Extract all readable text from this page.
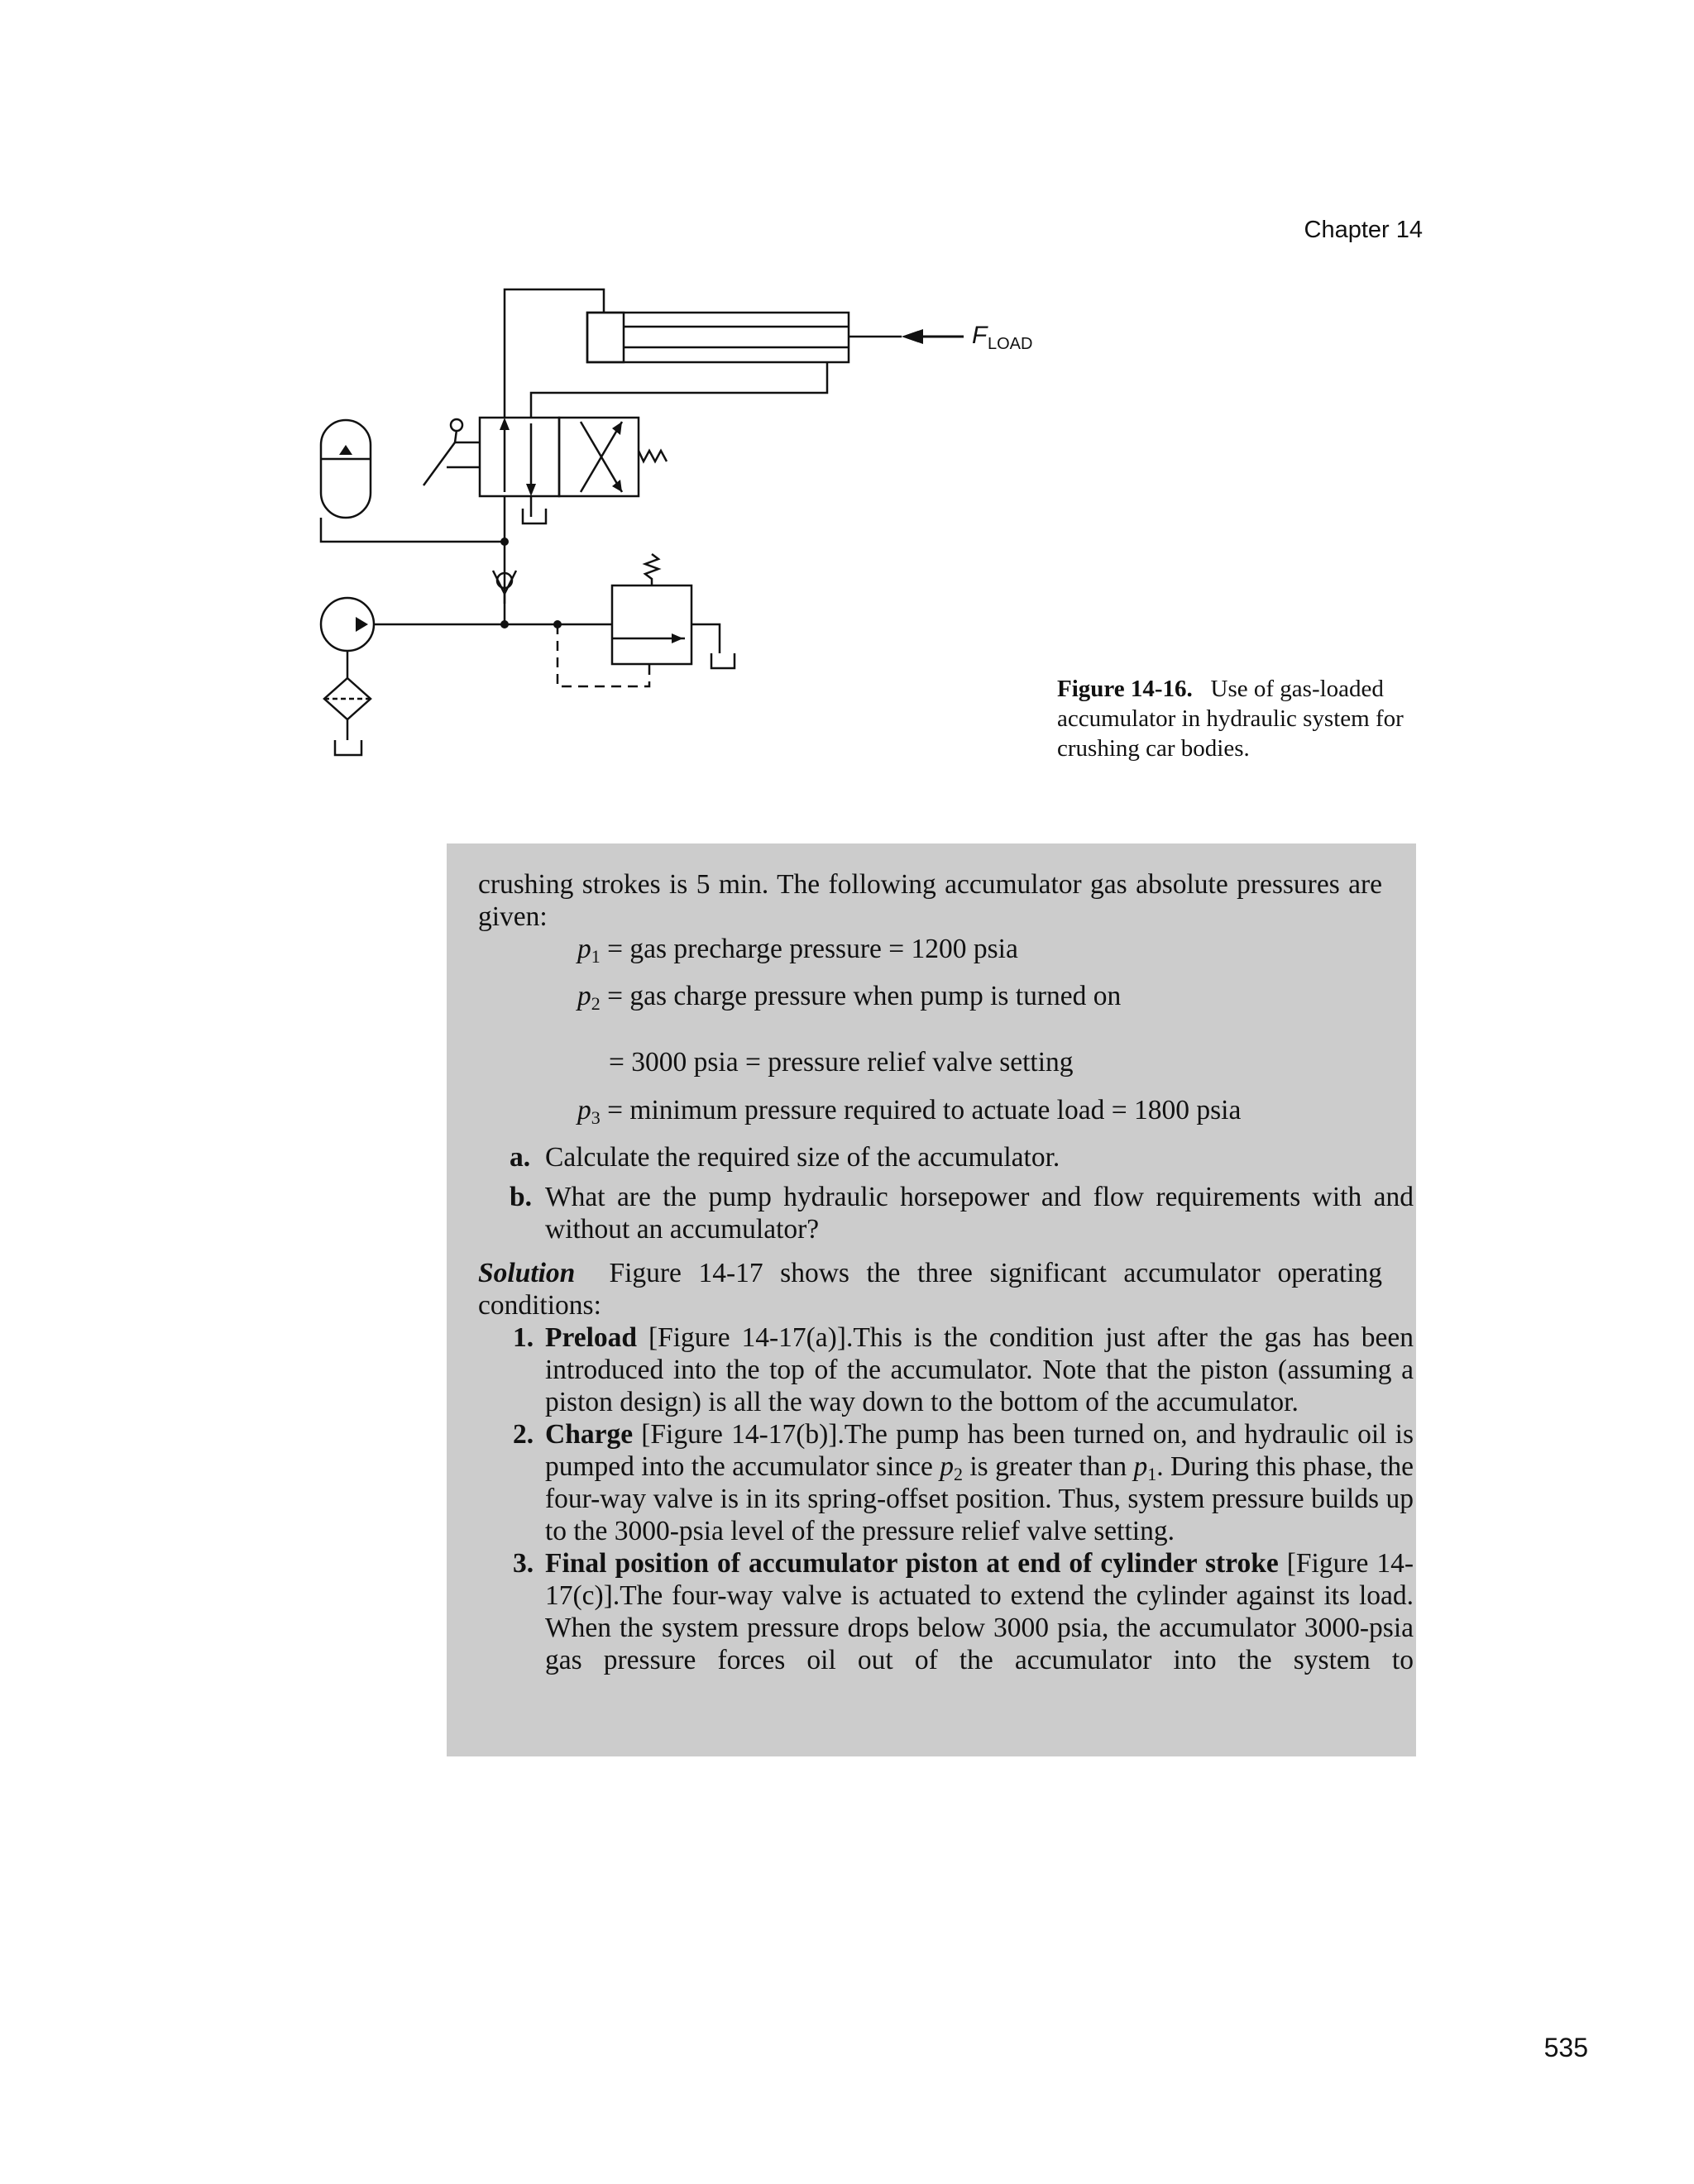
Chapter 14
F LOAD
Figure 14-16. Use of gas-loaded accumulator in hydraulic system for crushing car bodies.
crushing strokes is 5 min. The following accumulator gas absolute pressures are given:
$p_1$ = gas precharge pressure = 1200 psia
$p_2$ = gas charge pressure when pump is turned on
= 3000 psia = pressure relief valve setting
$p_3$ = minimum pressure required to actuate load = 1800 psia
a. Calculate the required size of the accumulator.
b. What are the pump hydraulic horsepower and flow requirements with and without an accumulator?
Solution Figure 14-17 shows the three significant accumulator operating conditions:
1. Preload [Figure 14-17(a)].This is the condition just after the gas has been introduced into the top of the accumulator. Note that the piston (assuming a piston design) is all the way down to the bottom of the accumulator.
2. Charge [Figure 14-17(b)].The pump has been turned on, and hydraulic oil is pumped into the accumulator since $p_2$ is greater than $p_1$. During this phase, the four-way valve is in its spring-offset position. Thus, system pressure builds up to the 3000-psia level of the pressure relief valve setting.
3. Final position of accumulator piston at end of cylinder stroke [Figure 14-17(c)].The four-way valve is actuated to extend the cylinder against its load. When the system pressure drops below 3000 psia, the accumulator 3000-psia gas pressure forces oil out of the accumulator into the system to
535
